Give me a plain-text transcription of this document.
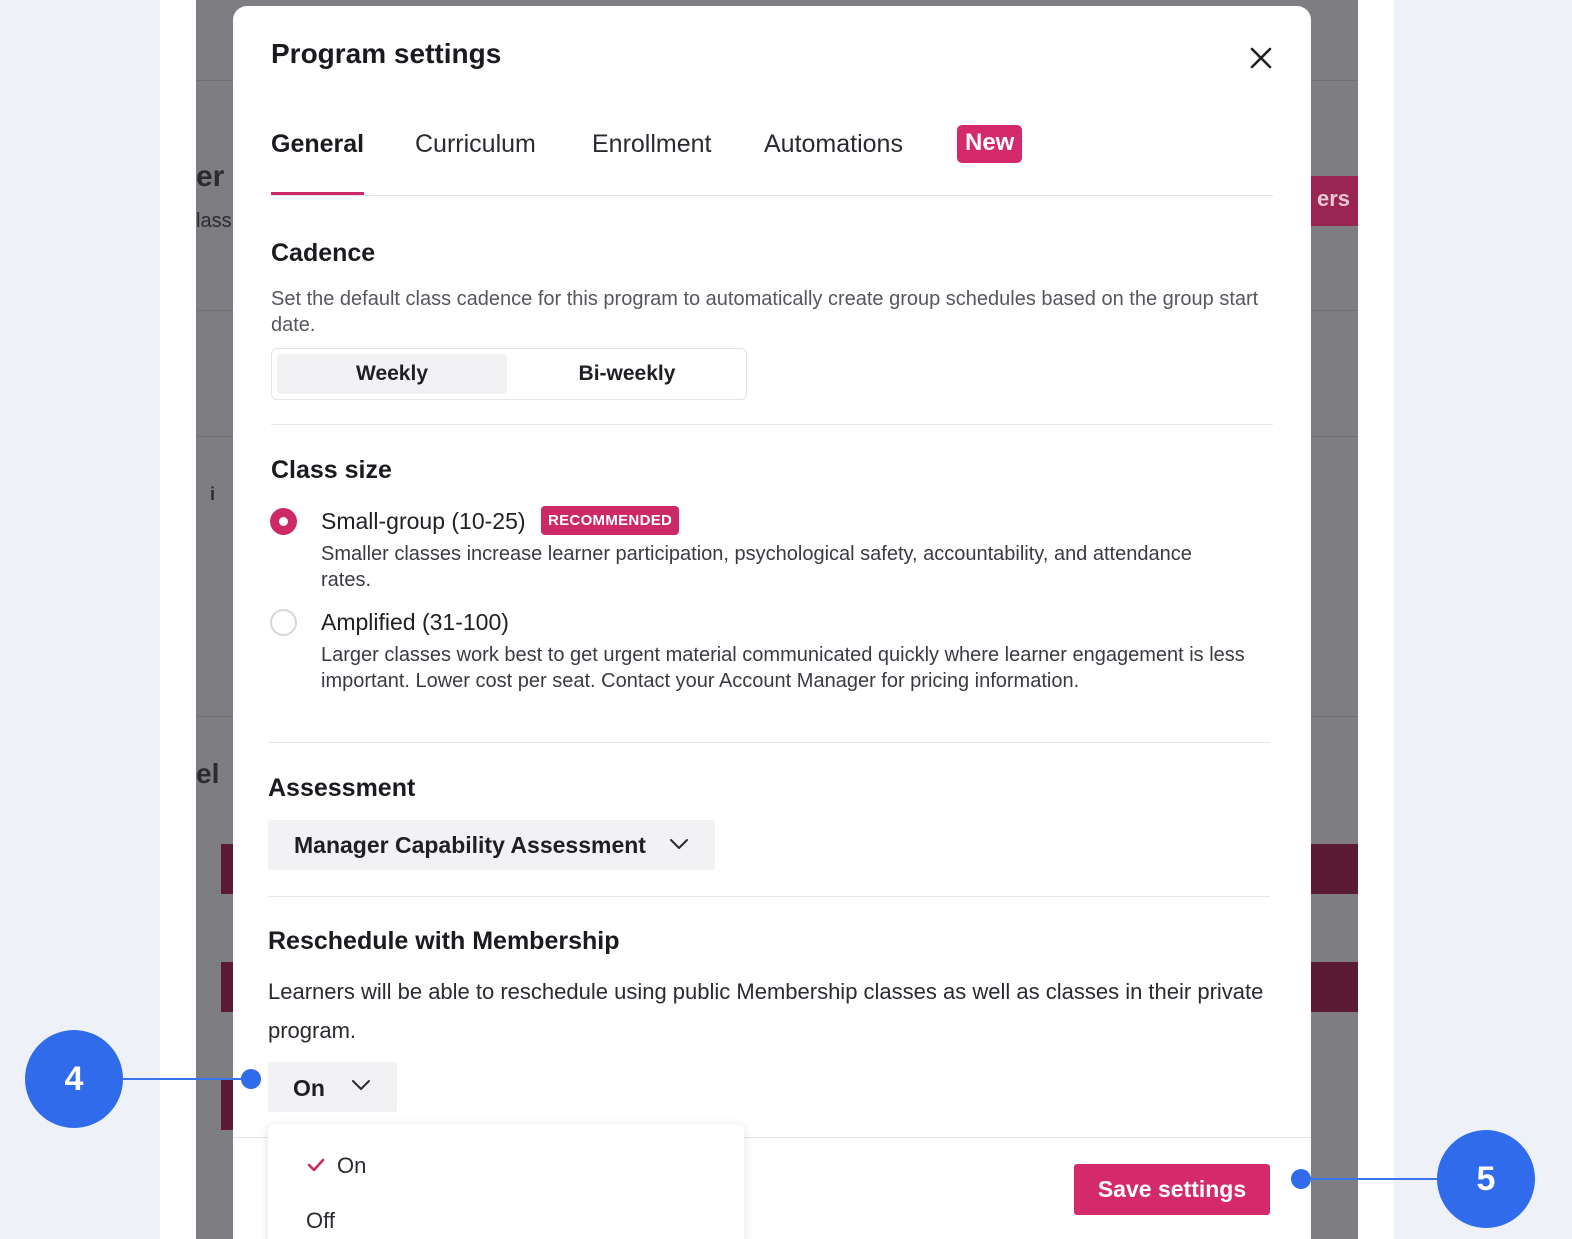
er
lass
i
el
ers
Program settings
General Curriculum Enrollment Automations	New
Cadence
Set the default class cadence for this program to automatically create group schedules based on the group start date.
Weekly	Bi-weekly
Class size
Small-group (10-25)	RECOMMENDED
Smaller classes increase learner participation, psychological safety, accountability, and attendance rates.
Amplified (31-100)
Larger classes work best to get urgent material communicated quickly where learner engagement is less important. Lower cost per seat. Contact your Account Manager for pricing information.
Assessment
Manager Capability Assessment
Reschedule with Membership
Learners will be able to reschedule using public Membership classes as well as classes in their private program.
On
Save settings
On
Off
4
5
